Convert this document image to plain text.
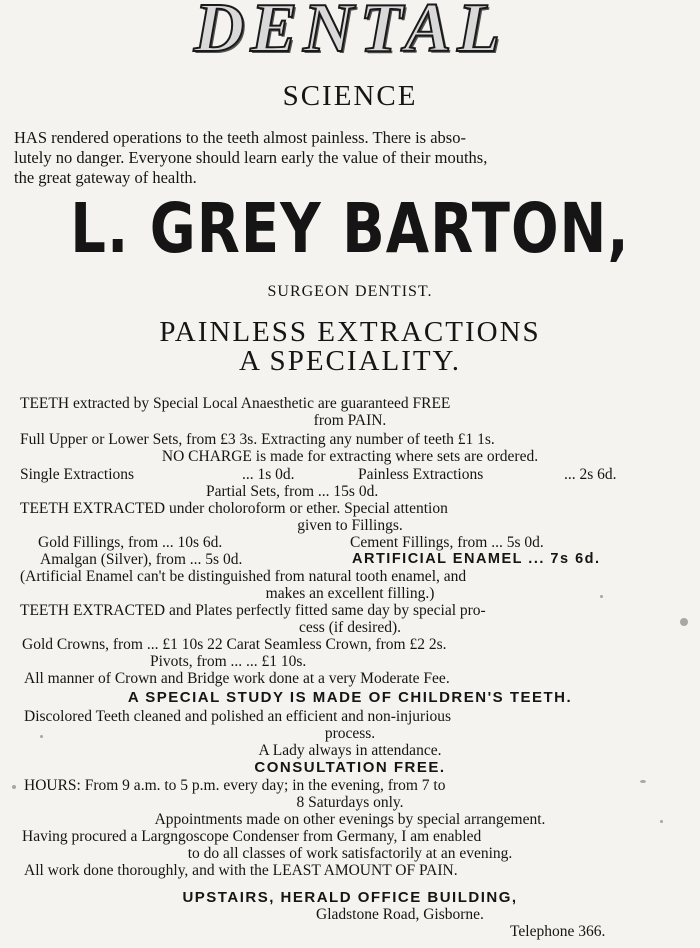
DENTAL
SCIENCE
HAS rendered operations to the teeth almost painless. There is abso-
lutely no danger. Everyone should learn early the value of their mouths,
the great gateway of health.
L. GREY BARTON,
SURGEON DENTIST.
PAINLESS EXTRACTIONS
A SPECIALITY.
TEETH extracted by Special Local Anaesthetic are guaranteed FREE
from PAIN.
Full Upper or Lower Sets, from £3 3s. Extracting any number of teeth £1 1s.
NO CHARGE is made for extracting where sets are ordered.
Single Extractions	... 1s 0d.	Painless Extractions	... 2s 6d.
Partial Sets, from ... 15s 0d.
TEETH EXTRACTED under choloroform or ether. Special attention
given to Fillings.
Gold Fillings, from ... 10s 6d.	Cement Fillings, from ... 5s 0d.
Amalgan (Silver), from ... 5s 0d.	ARTIFICIAL ENAMEL ... 7s 6d.
(Artificial Enamel can't be distinguished from natural tooth enamel, and
makes an excellent filling.)
TEETH EXTRACTED and Plates perfectly fitted same day by special pro-
cess (if desired).
Gold Crowns, from ... £1 10s 22 Carat Seamless Crown, from £2 2s.
Pivots, from ... ... £1 10s.
All manner of Crown and Bridge work done at a very Moderate Fee.
A SPECIAL STUDY IS MADE OF CHILDREN'S TEETH.
Discolored Teeth cleaned and polished an efficient and non-injurious
process.
A Lady always in attendance.
CONSULTATION FREE.
HOURS: From 9 a.m. to 5 p.m. every day; in the evening, from 7 to
8 Saturdays only.
Appointments made on other evenings by special arrangement.
Having procured a Largngoscope Condenser from Germany, I am enabled
to do all classes of work satisfactorily at an evening.
All work done thoroughly, and with the LEAST AMOUNT OF PAIN.
UPSTAIRS, HERALD OFFICE BUILDING,
Gladstone Road, Gisborne.
Telephone 366.
